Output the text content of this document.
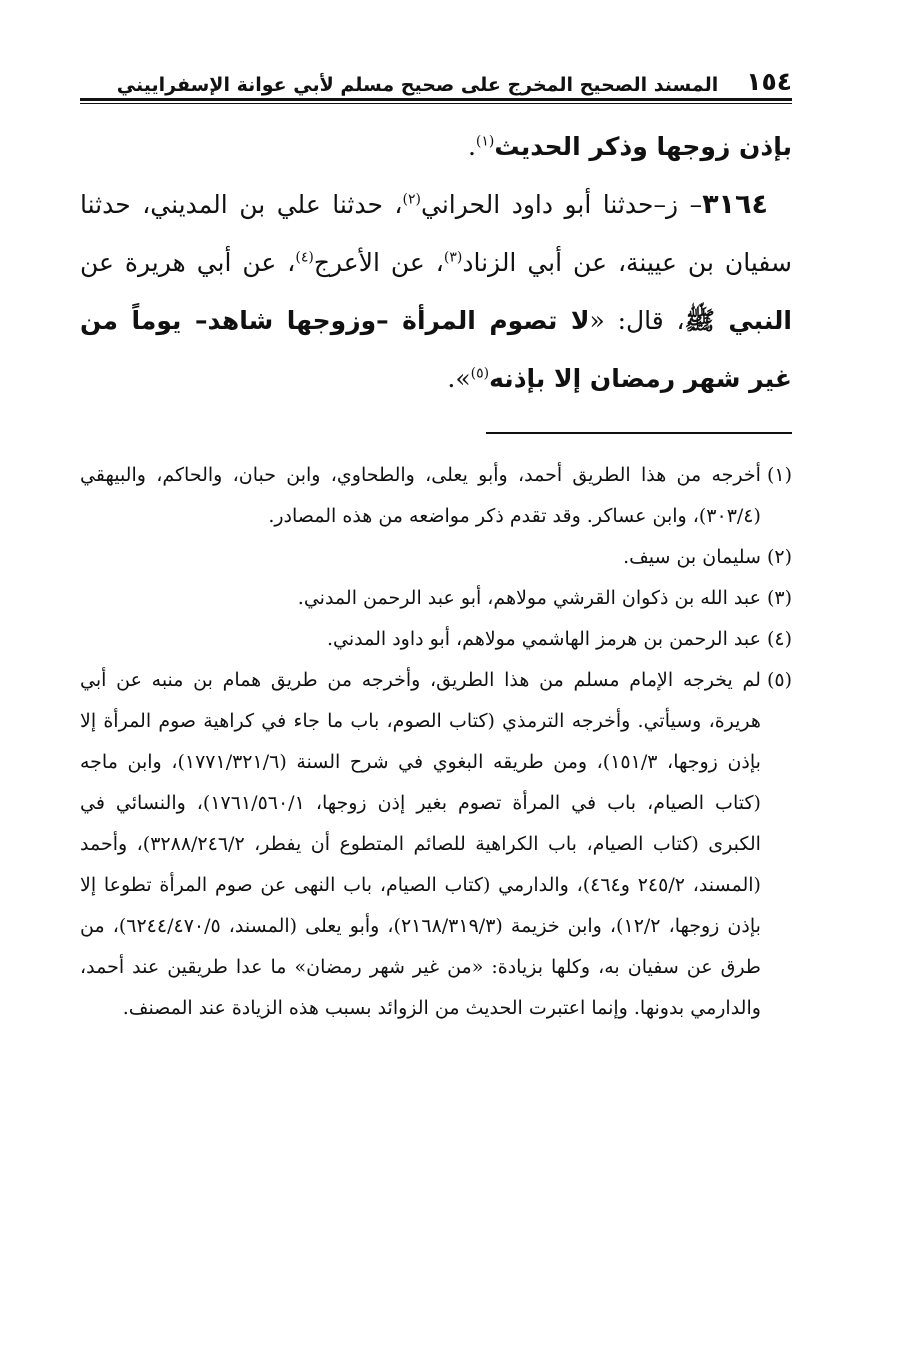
١٥٤
المسند الصحيح المخرج على صحيح مسلم لأبي عوانة الإسفراييني

بإذن زوجها وذكر الحديث$^{(١)}$.

٣١٦٤– ز–حدثنا أبو داود الحراني$^{(٢)}$، حدثنا علي بن المديني، حدثنا سفيان بن عيينة، عن أبي الزناد$^{(٣)}$، عن الأعرج$^{(٤)}$، عن أبي هريرة عن النبي ﷺ، قال: «لا تصوم المرأة –وزوجها شاهد– يوماً من غير شهر رمضان إلا بإذنه$^{(٥)}$».

(١)
أخرجه من هذا الطريق أحمد، وأبو يعلى، والطحاوي، وابن حبان، والحاكم، والبيهقي (٣٠٣/٤)، وابن عساكر. وقد تقدم ذكر مواضعه من هذه المصادر.
(٢)
سليمان بن سيف.
(٣)
عبد الله بن ذكوان القرشي مولاهم، أبو عبد الرحمن المدني.
(٤)
عبد الرحمن بن هرمز الهاشمي مولاهم، أبو داود المدني.
(٥)
لم يخرجه الإمام مسلم من هذا الطريق، وأخرجه من طريق همام بن منبه عن أبي هريرة، وسيأتي. وأخرجه الترمذي (كتاب الصوم، باب ما جاء في كراهية صوم المرأة إلا بإذن زوجها، ١٥١/٣)، ومن طريقه البغوي في شرح السنة (١٧٧١/٣٢١/٦)، وابن ماجه (كتاب الصيام، باب في المرأة تصوم بغير إذن زوجها، ١٧٦١/٥٦٠/١)، والنسائي في الكبرى (كتاب الصيام، باب الكراهية للصائم المتطوع أن يفطر، ٣٢٨٨/٢٤٦/٢)، وأحمد (المسند، ٢٤٥/٢ و٤٦٤)، والدارمي (كتاب الصيام، باب النهى عن صوم المرأة تطوعا إلا بإذن زوجها، ١٢/٢)، وابن خزيمة (٢١٦٨/٣١٩/٣)، وأبو يعلى (المسند، ٦٢٤٤/٤٧٠/٥)، من طرق عن سفيان به، وكلها بزيادة: «من غير شهر رمضان» ما عدا طريقين عند أحمد، والدارمي بدونها. وإنما اعتبرت الحديث من الزوائد بسبب هذه الزيادة عند المصنف.
